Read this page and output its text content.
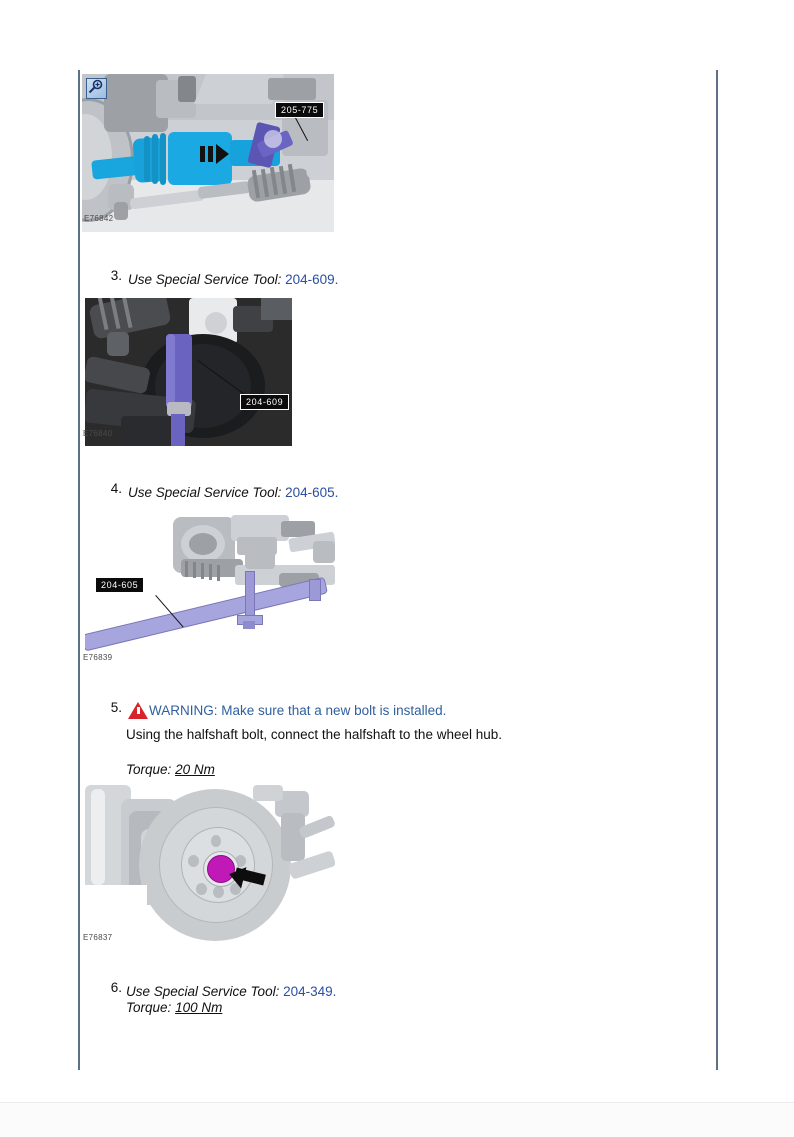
205-775
E76842
3. Use Special Service Tool: 204-609.
204-609
E76840
4. Use Special Service Tool: 204-605.
204-605
E76839
5.	WARNING: Make sure that a new bolt is installed.
Using the halfshaft bolt, connect the halfshaft to the wheel hub.
Torque: 20 Nm
E76837
6. Use Special Service Tool: 204-349.
Torque: 100 Nm
